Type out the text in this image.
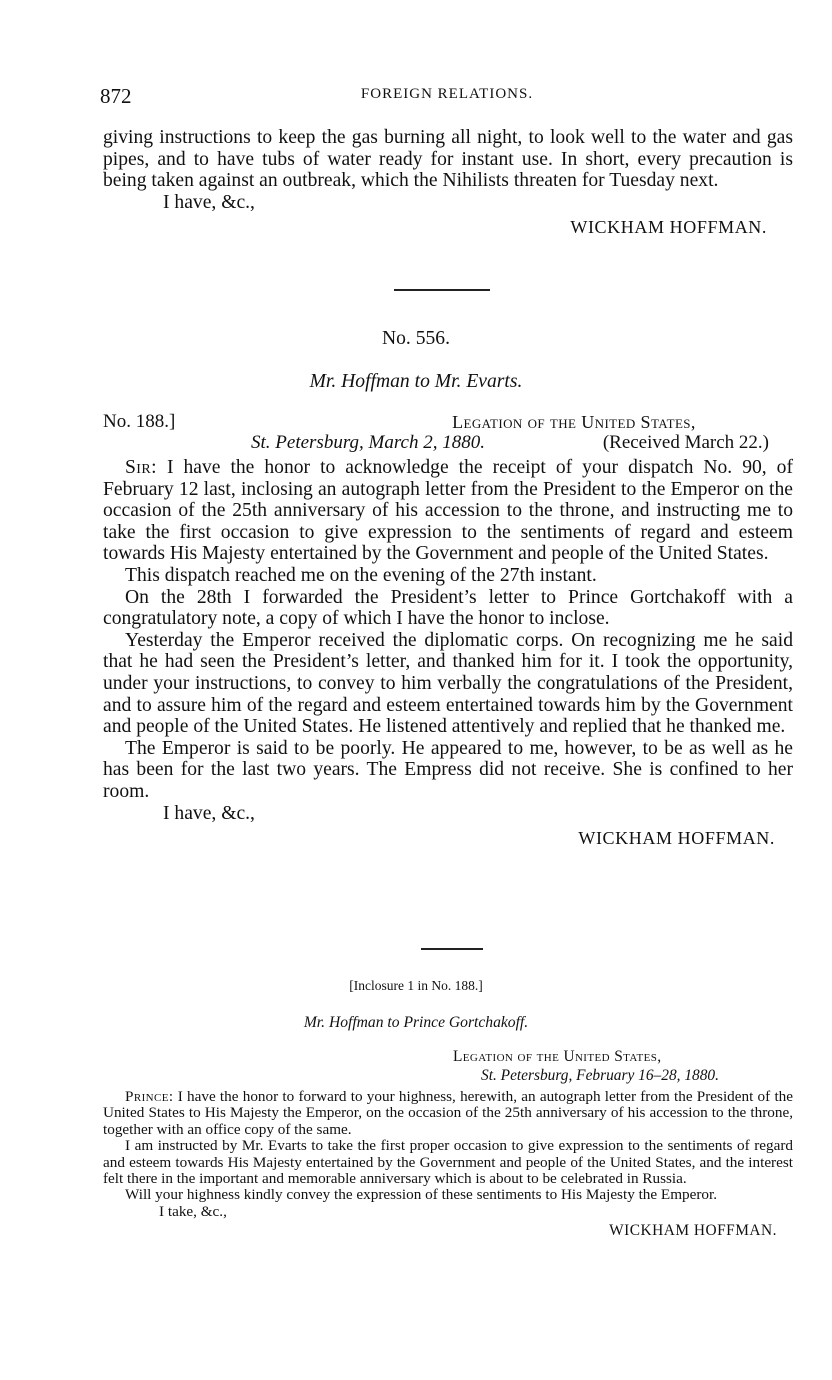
872	FOREIGN RELATIONS.

giving instructions to keep the gas burning all night, to look well to the water and gas pipes, and to have tubs of water ready for instant use. In short, every precaution is being taken against an outbreak, which the Nihilists threaten for Tuesday next.

I have, &c.,

WICKHAM HOFFMAN.

No. 556.
Mr. Hoffman to Mr. Evarts.
No. 188.]	Legation of the United States,
St. Petersburg, March 2, 1880.	(Received March 22.)

Sir: I have the honor to acknowledge the receipt of your dispatch No. 90, of February 12 last, inclosing an autograph letter from the President to the Emperor on the occasion of the 25th anniversary of his accession to the throne, and instructing me to take the first occasion to give expression to the sentiments of regard and esteem towards His Majesty entertained by the Government and people of the United States.

This dispatch reached me on the evening of the 27th instant.

On the 28th I forwarded the President’s letter to Prince Gortchakoff with a congratulatory note, a copy of which I have the honor to inclose.

Yesterday the Emperor received the diplomatic corps. On recognizing me he said that he had seen the President’s letter, and thanked him for it. I took the opportunity, under your instructions, to convey to him verbally the congratulations of the President, and to assure him of the regard and esteem entertained towards him by the Government and people of the United States. He listened attentively and replied that he thanked me.

The Emperor is said to be poorly. He appeared to me, however, to be as well as he has been for the last two years. The Empress did not receive. She is confined to her room.

I have, &c.,

WICKHAM HOFFMAN.

[Inclosure 1 in No. 188.]
Mr. Hoffman to Prince Gortchakoff.
Legation of the United States,
St. Petersburg, February 16–28, 1880.

Prince: I have the honor to forward to your highness, herewith, an autograph letter from the President of the United States to His Majesty the Emperor, on the occasion of the 25th anniversary of his accession to the throne, together with an office copy of the same.

I am instructed by Mr. Evarts to take the first proper occasion to give expression to the sentiments of regard and esteem towards His Majesty entertained by the Government and people of the United States, and the interest felt there in the important and memorable anniversary which is about to be celebrated in Russia.

Will your highness kindly convey the expression of these sentiments to His Majesty the Emperor.

I take, &c.,

WICKHAM HOFFMAN.
